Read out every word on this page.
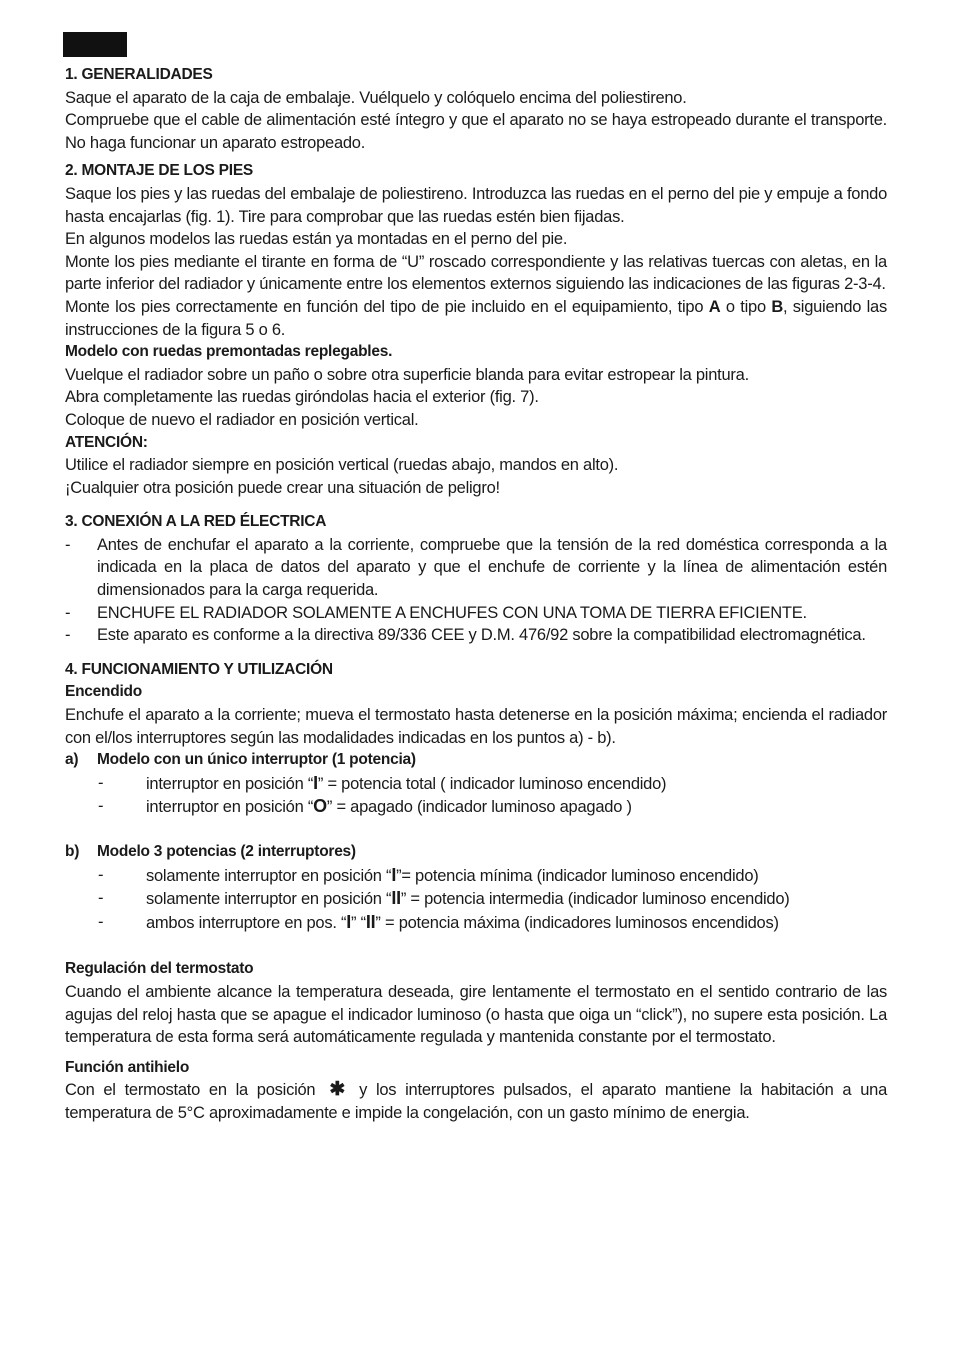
1. GENERALIDADES

Saque el aparato de la caja de embalaje. Vuélquelo y colóquelo encima del poliestireno.

Compruebe que el cable de alimentación esté íntegro y que el aparato no se haya estropeado durante el transporte. No haga funcionar un aparato estropeado.

2. MONTAJE DE LOS PIES

Saque los pies y las ruedas del embalaje de poliestireno. Introduzca las ruedas en el perno del pie y empuje a fondo hasta encajarlas (fig. 1). Tire para comprobar que las ruedas estén bien fijadas.

En algunos modelos las ruedas están ya montadas en el perno del pie.

Monte los pies mediante el tirante en forma de “U” roscado correspondiente y las relativas tuercas con aletas, en la parte inferior del radiador y únicamente entre los elementos externos siguiendo las indicaciones de las figuras 2-3-4.

Monte los pies correctamente en función del tipo de pie incluido en el equipamiento, tipo A o tipo B, siguiendo las instrucciones de la figura 5 o 6.

Modelo con ruedas premontadas replegables.

Vuelque el radiador sobre un paño o sobre otra superficie blanda para evitar estropear la pintura.

Abra completamente las ruedas giróndolas hacia el exterior (fig. 7).

Coloque de nuevo el radiador en posición vertical.

ATENCIÓN:

Utilice el radiador siempre en posición vertical (ruedas abajo, mandos en alto).

¡Cualquier otra posición puede crear una situación de peligro!

3. CONEXIÓN A LA RED ÉLECTRICA

- Antes de enchufar el aparato a la corriente, compruebe que la tensión de la red doméstica corresponda a la indicada en la placa de datos del aparato y que el enchufe de corriente y la línea de alimentación estén dimensionados para la carga requerida.

- ENCHUFE EL RADIADOR SOLAMENTE A ENCHUFES CON UNA TOMA DE TIERRA EFICIENTE.

- Este aparato es conforme a la directiva 89/336 CEE y D.M. 476/92 sobre la compatibilidad electromagnética.

4. FUNCIONAMIENTO Y UTILIZACIÓN

Encendido

Enchufe el aparato a la corriente; mueva el termostato hasta detenerse en la posición máxima; encienda el radiador con el/los interruptores según las modalidades indicadas en los puntos a) - b).

a) Modelo con un único interruptor (1 potencia)

- interruptor en posición “I” = potencia total ( indicador luminoso encendido)

- interruptor en posición “O” = apagado (indicador luminoso apagado )

b) Modelo 3 potencias (2 interruptores)

- solamente interruptor en posición “I”= potencia mínima (indicador luminoso encendido)

- solamente interruptor en posición “II” = potencia intermedia (indicador luminoso encendido)

- ambos interruptore en pos. “I” “II” = potencia máxima (indicadores luminosos encendidos)

Regulación del termostato

Cuando el ambiente alcance la temperatura deseada, gire lentamente el termostato en el sentido contrario de las agujas del reloj hasta que se apague el indicador luminoso (o hasta que oiga un “click”), no supere esta posición. La temperatura de esta forma será automáticamente regulada y mantenida constante por el termostato.

Función antihielo

Con el termostato en la posición ✱ y los interruptores pulsados, el aparato mantiene la habitación a una temperatura de 5°C aproximadamente e impide la congelación, con un gasto mínimo de energia.
